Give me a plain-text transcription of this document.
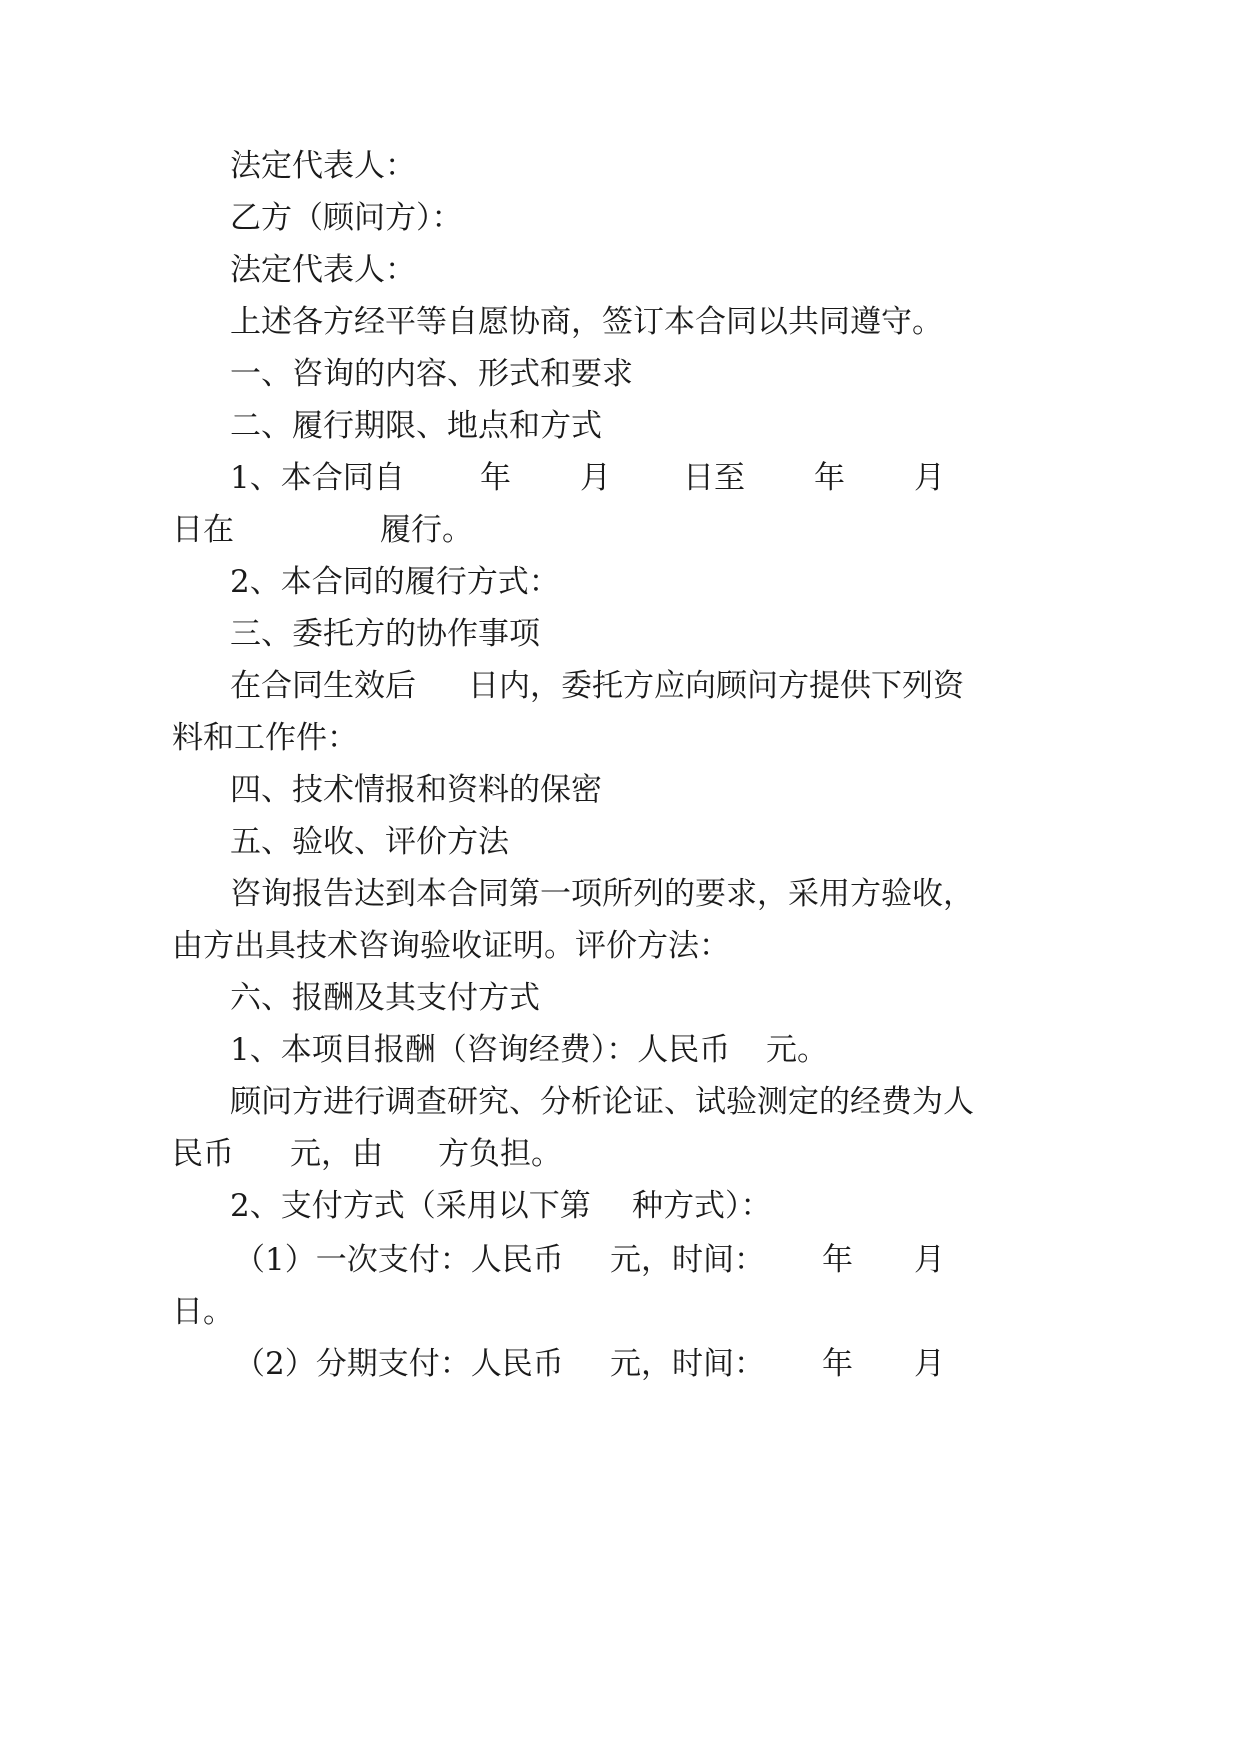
法定代表人：
乙方（顾问方）：
法定代表人：
上述各方经平等自愿协商，签订本合同以共同遵守。
一、咨询的内容、形式和要求
二、履行期限、地点和方式
1、本合同自 年 月 日至 年 月
日在	履行。
2、本合同的履行方式：
三、委托方的协作事项
在合同生效后 日内，委托方应向顾问方提供下列资
料和工作件：
四、技术情报和资料的保密
五、验收、评价方法
咨询报告达到本合同第一项所列的要求，采用方验收，
由方出具技术咨询验收证明。评价方法：
六、报酬及其支付方式
1、本项目报酬（咨询经费）：人民币 元。
顾问方进行调查研究、分析论证、试验测定的经费为人
民币 元，由 方负担。
2、支付方式（采用以下第 种方式）：
（1）一次支付：人民币 元，时间： 年 月
日。
（2）分期支付：人民币 元，时间： 年 月
